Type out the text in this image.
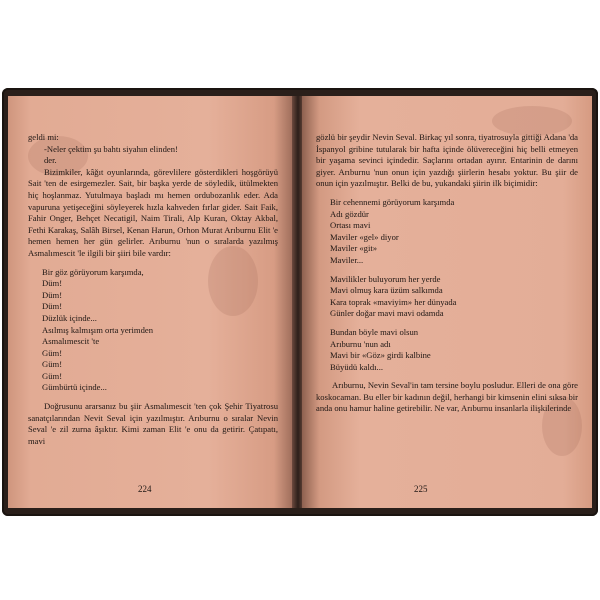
geldi mi:

-Neler çektim şu bahtı siyahın elinden!

der.

Bizimkiler, kâğıt oyunlarında, görevlilere gösterdikleri hoşgörüyü Sait 'ten de esirgemezler. Sait, bir başka yerde de söyledik, ütülmekten hiç hoşlanmaz. Yutulmaya başladı mı hemen ordubozanlık eder. Ada vapuruna yetişeceğini söyleyerek hızla kahveden fırlar gider. Sait Faik, Fahir Onger, Behçet Necatigil, Naim Tirali, Alp Kuran, Oktay Akbal, Fethi Karakaş, Salâh Birsel, Kenan Harun, Orhon Murat Arıburnu Elit 'e hemen hemen her gün gelirler. Arıburnu 'nun o sıralarda yazılmış Asmalımescit 'le ilgili bir şiiri bile vardır:

Bir göz görüyorum karşımda,

Düm!

Düm!

Düm!

Düzlük içinde...

Asılmış kalmışım orta yerimden

Asmalımescit 'te

Güm!

Güm!

Güm!

Gümbürtü içinde...

Doğrusunu ararsanız bu şiir Asmalımescit 'ten çok Şehir Tiyatrosu sanatçılarından Nevit Seval için yazılmıştır. Arıburnu o sıralar Nevin Seval 'e zil zurna âşıktır. Kimi zaman Elit 'e onu da getirir. Çatıpatı, mavi

224

gözlü bir şeydir Nevin Seval. Birkaç yıl sonra, tiyatrosuyla gittiği Adana 'da İspanyol gribine tutularak bir hafta içinde ölüvereceğini hiç belli etmeyen bir yaşama sevinci içindedir. Saçlarını ortadan ayırır. Entarinin de darını giyer. Arıburnu 'nun onun için yazdığı şiirlerin hesabı yoktur. Bu şiir de onun için yazılmıştır. Belki de bu, yukandaki şiirin ilk biçimidir:

Bir cehennemi görüyorum karşımda

Adı gözdür

Ortası mavi

Maviler «gel» diyor

Maviler «git»

Maviler...

Mavilikler buluyorum her yerde

Mavi olmuş kara üzüm salkımda

Kara toprak «maviyim» her dünyada

Günler doğar mavi mavi odamda

Bundan böyle mavi olsun

Arıburnu 'nun adı

Mavi bir «Göz» girdi kalbine

Büyüdü kaldı...

Arıburnu, Nevin Seval'in tam tersine boylu posludur. Elleri de ona göre koskocaman. Bu eller bir kadının değil, herhangi bir kimsenin elini sıksa bir anda onu hamur haline getirebilir. Ne var, Arıburnu insanlarla ilişkilerinde

225
